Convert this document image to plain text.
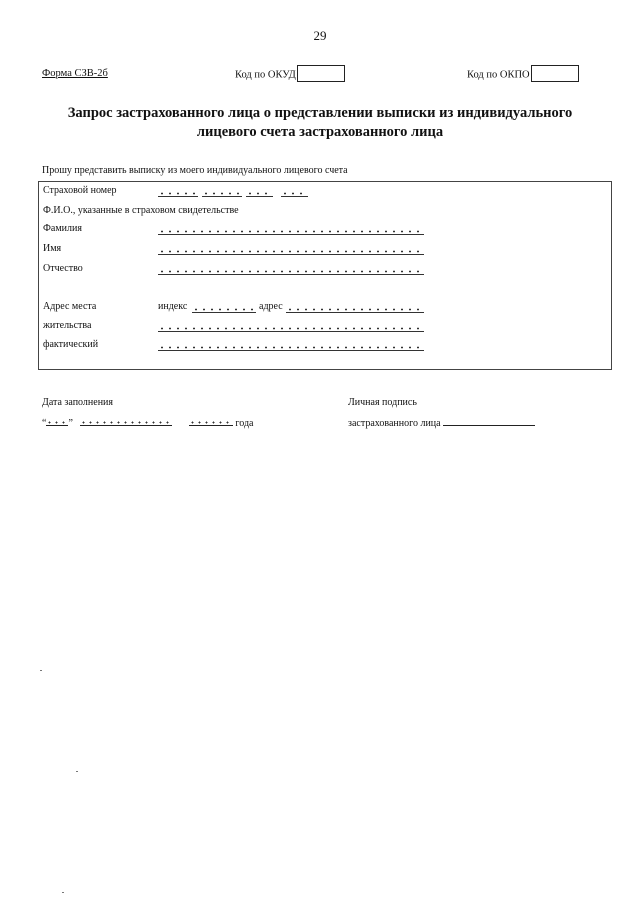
29
Форма СЗВ-2б	Код по ОКУД	Код по ОКПО
Запрос застрахованного лица о представлении выписки из индивидуального
лицевого счета застрахованного лица
Прошу представить выписку из моего индивидуального лицевого счета
Страховой номер
Ф.И.О., указанные в страховом свидетельстве
Фамилия
Имя
Отчество
Адрес места	индекс	адрес
жительства
фактический
Дата заполнения	Личная подпись
“ ”	года	застрахованного лица
